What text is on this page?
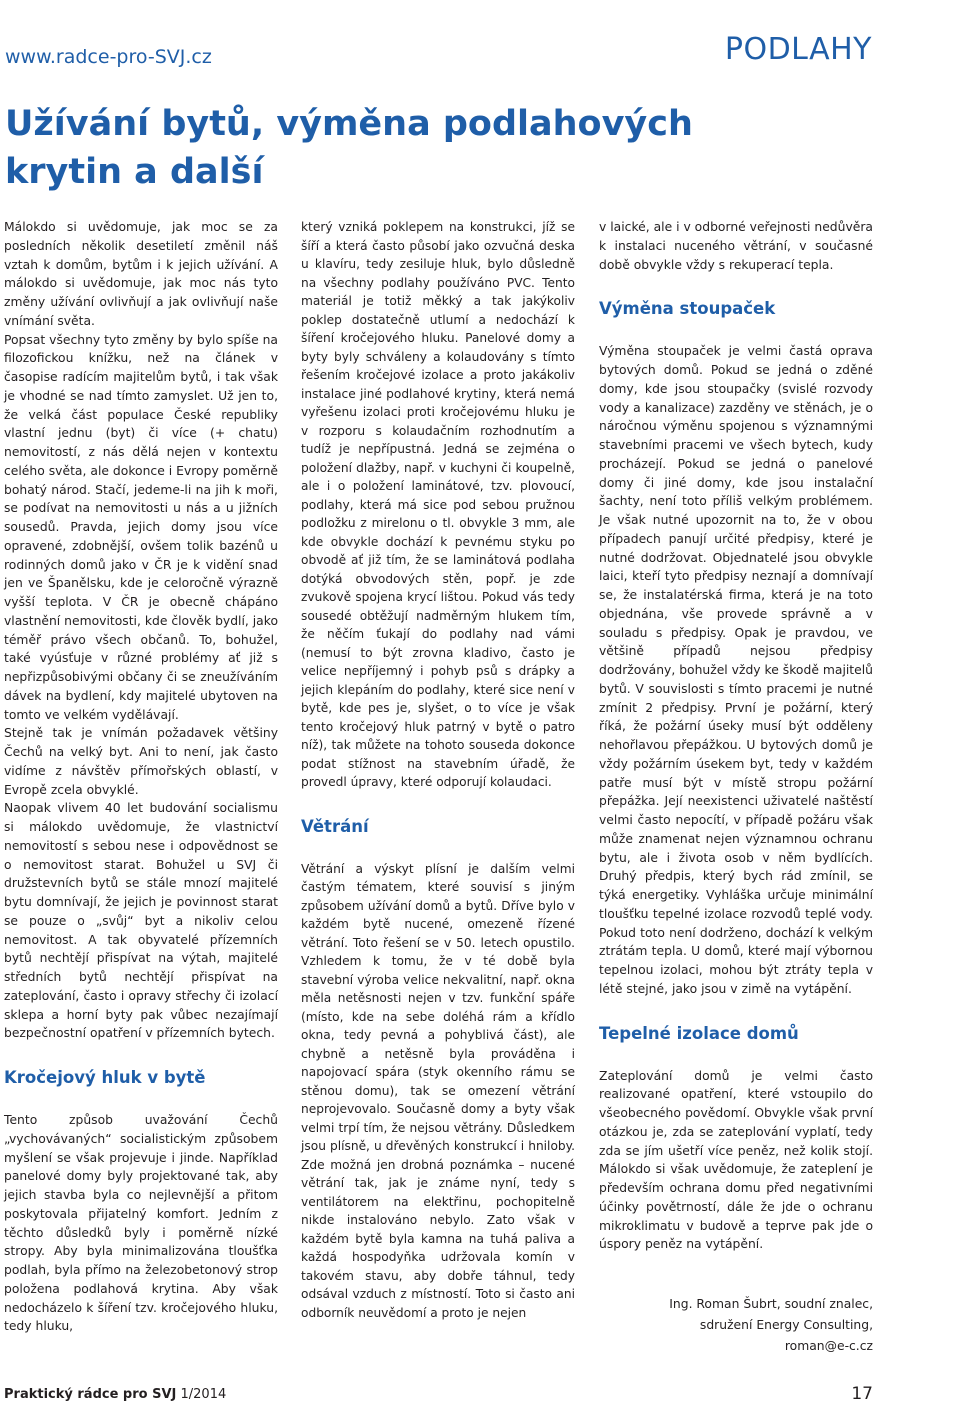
www.radce-pro-SVJ.cz	PODLAHY
Užívání bytů, výměna podlahových krytin a další

Málokdo si uvědomuje, jak moc se za posledních několik desetiletí změnil náš vztah k domům, bytům i k jejich užívání. A málokdo si uvědomuje, jak moc nás tyto změny užívání ovlivňují a jak ovlivňují naše vnímání světa.

Popsat všechny tyto změny by bylo spíše na filozofickou knížku, než na článek v časopise radícím majitelům bytů, i tak však je vhodné se nad tímto zamyslet. Už jen to, že velká část populace České republiky vlastní jednu (byt) či více (+ chatu) nemovitostí, z nás dělá nejen v kontextu celého světa, ale dokonce i Evropy poměrně bohatý národ. Stačí, jedeme-li na jih k moři, se podívat na nemovitosti u nás a u jižních sousedů. Pravda, jejich domy jsou více opravené, zdobnější, ovšem tolik bazénů u rodinných domů jako v ČR je k vidění snad jen ve Španělsku, kde je celoročně výrazně vyšší teplota. V ČR je obecně chápáno vlastnění nemovitosti, kde člověk bydlí, jako téměř právo všech občanů. To, bohužel, také vyúsťuje v různé problémy ať již s nepřizpůsobivými občany či se zneužíváním dávek na bydlení, kdy majitelé ubytoven na tomto ve velkém vydělávají.

Stejně tak je vnímán požadavek většiny Čechů na velký byt. Ani to není, jak často vidíme z návštěv přímořských oblastí, v Evropě zcela obvyklé.

Naopak vlivem 40 let budování socialismu si málokdo uvědomuje, že vlastnictví nemovitostí s sebou nese i odpovědnost se o nemovitost starat. Bohužel u SVJ či družstevních bytů se stále mnozí majitelé bytu domnívají, že jejich je povinnost starat se pouze o „svůj“ byt a nikoliv celou nemovitost. A tak obyvatelé přízemních bytů nechtějí přispívat na výtah, majitelé středních bytů nechtějí přispívat na zateplování, často i opravy střechy či izolací sklepa a horní byty pak vůbec nezajímají bezpečnostní opatření v přízemních bytech.

Kročejový hluk v bytě

Tento způsob uvažování Čechů „vychovávaných“ socialistickým způsobem myšlení se však projevuje i jinde. Například panelové domy byly projektované tak, aby jejich stavba byla co nejlevnější a přitom poskytovala přijatelný komfort. Jedním z těchto důsledků byly i poměrně nízké stropy. Aby byla minimalizována tloušťka podlah, byla přímo na železobetonový strop položena podlahová krytina. Aby však nedocházelo k šíření tzv. kročejového hluku, tedy hluku,

který vzniká poklepem na konstrukci, jíž se šíří a která často působí jako ozvučná deska u klavíru, tedy zesiluje hluk, bylo důsledně na všechny podlahy používáno PVC. Tento materiál je totiž měkký a tak jakýkoliv poklep dostatečně utlumí a nedochází k šíření kročejového hluku. Panelové domy a byty byly schváleny a kolaudovány s tímto řešením kročejové izolace a proto jakákoliv instalace jiné podlahové krytiny, která nemá vyřešenu izolaci proti kročejovému hluku je v rozporu s kolaudačním rozhodnutím a tudíž je nepřípustná. Jedná se zejména o položení dlažby, např. v kuchyni či koupelně, ale i o položení laminátové, tzv. plovoucí, podlahy, která má sice pod sebou pružnou podložku z mirelonu o tl. obvykle 3 mm, ale kde obvykle dochází k pevnému styku po obvodě ať již tím, že se laminátová podlaha dotýká obvodových stěn, popř. je zde zvukově spojena krycí lištou. Pokud vás tedy sousedé obtěžují nadměrným hlukem tím, že něčím ťukají do podlahy nad vámi (nemusí to být zrovna kladivo, často je velice nepříjemný i pohyb psů s drápky a jejich klepáním do podlahy, které sice není v bytě, kde pes je, slyšet, o to více je však tento kročejový hluk patrný v bytě o patro níž), tak můžete na tohoto souseda dokonce podat stížnost na stavebním úřadě, že provedl úpravy, které odporují kolaudaci.

Větrání

Větrání a výskyt plísní je dalším velmi častým tématem, které souvisí s jiným způsobem užívání domů a bytů. Dříve bylo v každém bytě nucené, omezeně řízené větrání. Toto řešení se v 50. letech opustilo. Vzhledem k tomu, že v té době byla stavební výroba velice nekvalitní, např. okna měla netěsnosti nejen v tzv. funkční spáře (místo, kde na sebe doléhá rám a křídlo okna, tedy pevná a pohyblivá část), ale chybně a netěsně byla prováděna i napojovací spára (styk okenního rámu se stěnou domu), tak se omezení větrání neprojevovalo. Současně domy a byty však velmi trpí tím, že nejsou větrány. Důsledkem jsou plísně, u dřevěných konstrukcí i hniloby. Zde možná jen drobná poznámka – nucené větrání tak, jak je známe nyní, tedy s ventilátorem na elektřinu, pochopitelně nikde instalováno nebylo. Zato však v každém bytě byla kamna na tuhá paliva a každá hospodyňka udržovala komín v takovém stavu, aby dobře táhnul, tedy odsával vzduch z místností. Toto si často ani odborník neuvědomí a proto je nejen

v laické, ale i v odborné veřejnosti nedůvěra k instalaci nuceného větrání, v současné době obvykle vždy s rekuperací tepla.

Výměna stoupaček

Výměna stoupaček je velmi častá oprava bytových domů. Pokud se jedná o zděné domy, kde jsou stoupačky (svislé rozvody vody a kanalizace) zazděny ve stěnách, je o náročnou výměnu spojenou s významnými stavebními pracemi ve všech bytech, kudy procházejí. Pokud se jedná o panelové domy či jiné domy, kde jsou instalační šachty, není toto příliš velkým problémem. Je však nutné upozornit na to, že v obou případech panují určité předpisy, které je nutné dodržovat. Objednatelé jsou obvykle laici, kteří tyto předpisy neznají a domnívají se, že instalatérská firma, která je na toto objednána, vše provede správně a v souladu s předpisy. Opak je pravdou, ve většině případů nejsou předpisy dodržovány, bohužel vždy ke škodě majitelů bytů. V souvislosti s tímto pracemi je nutné zmínit 2 předpisy. První je požární, který říká, že požární úseky musí být odděleny nehořlavou přepážkou. U bytových domů je vždy požárním úsekem byt, tedy v každém patře musí být v místě stropu požární přepážka. Její neexistenci uživatelé naštěstí velmi často nepocítí, v případě požáru však může znamenat nejen významnou ochranu bytu, ale i života osob v něm bydlících. Druhý předpis, který bych rád zmínil, se týká energetiky. Vyhláška určuje minimální tloušťku tepelné izolace rozvodů teplé vody. Pokud toto není dodrženo, dochází k velkým ztrátám tepla. U domů, které mají výbornou tepelnou izolaci, mohou být ztráty tepla v létě stejné, jako jsou v zimě na vytápění.

Tepelné izolace domů

Zateplování domů je velmi často realizované opatření, které vstoupilo do všeobecného povědomí. Obvykle však první otázkou je, zda se zateplování vyplatí, tedy zda se jím ušetří více peněz, než kolik stojí. Málokdo si však uvědomuje, že zateplení je především ochrana domu před negativními účinky povětrností, dále že jde o ochranu mikroklimatu v budově a teprve pak jde o úspory peněz na vytápění.

Ing. Roman Šubrt, soudní znalec,
sdružení Energy Consulting,
roman@e-c.cz
Praktický rádce pro SVJ 1/2014	17
